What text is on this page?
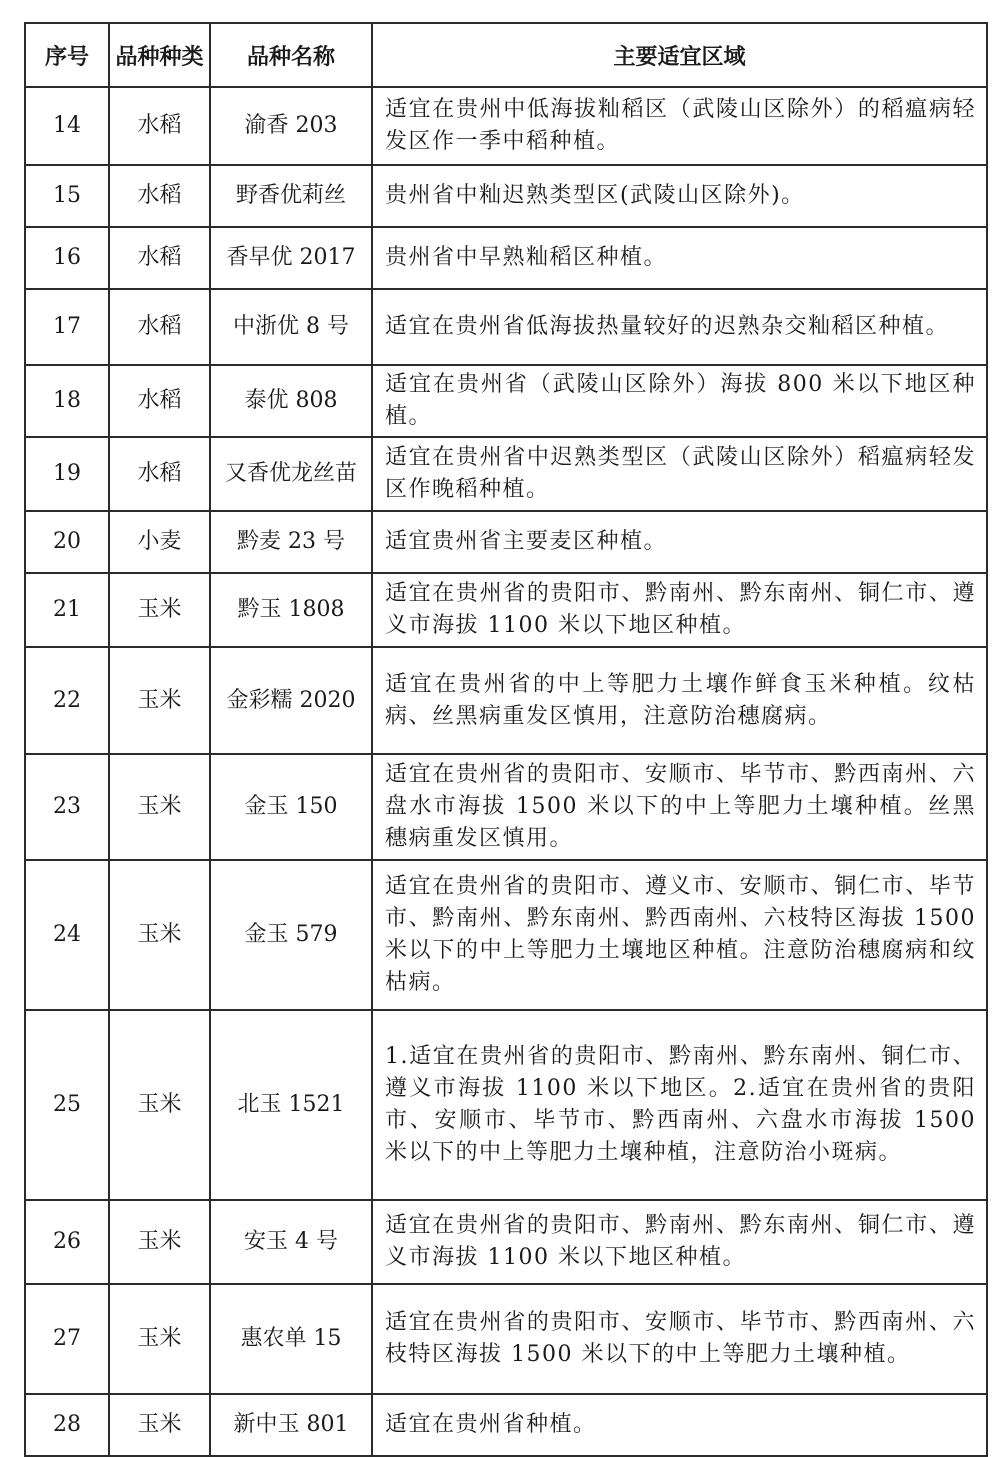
序号	品种种类	品种名称	主要适宜区域
14	水稻	渝香 203	适宜在贵州中低海拔籼稻区（武陵山区除外）的稻瘟病轻发区作一季中稻种植。
15	水稻	野香优莉丝	贵州省中籼迟熟类型区(武陵山区除外)。
16	水稻	香早优 2017	贵州省中早熟籼稻区种植。
17	水稻	中浙优 8 号	适宜在贵州省低海拔热量较好的迟熟杂交籼稻区种植。
18	水稻	泰优 808	适宜在贵州省（武陵山区除外）海拔 800 米以下地区种植。
19	水稻	又香优龙丝苗	适宜在贵州省中迟熟类型区（武陵山区除外）稻瘟病轻发区作晚稻种植。
20	小麦	黔麦 23 号	适宜贵州省主要麦区种植。
21	玉米	黔玉 1808	适宜在贵州省的贵阳市、黔南州、黔东南州、铜仁市、遵义市海拔 1100 米以下地区种植。
22	玉米	金彩糯 2020	适宜在贵州省的中上等肥力土壤作鲜食玉米种植。纹枯病、丝黑病重发区慎用，注意防治穗腐病。
23	玉米	金玉 150	适宜在贵州省的贵阳市、安顺市、毕节市、黔西南州、六盘水市海拔 1500 米以下的中上等肥力土壤种植。丝黑穗病重发区慎用。
24	玉米	金玉 579	适宜在贵州省的贵阳市、遵义市、安顺市、铜仁市、毕节市、黔南州、黔东南州、黔西南州、六枝特区海拔 1500 米以下的中上等肥力土壤地区种植。注意防治穗腐病和纹枯病。
25	玉米	北玉 1521	1.适宜在贵州省的贵阳市、黔南州、黔东南州、铜仁市、遵义市海拔 1100 米以下地区。2.适宜在贵州省的贵阳市、安顺市、毕节市、黔西南州、六盘水市海拔 1500 米以下的中上等肥力土壤种植，注意防治小斑病。
26	玉米	安玉 4 号	适宜在贵州省的贵阳市、黔南州、黔东南州、铜仁市、遵义市海拔 1100 米以下地区种植。
27	玉米	惠农单 15	适宜在贵州省的贵阳市、安顺市、毕节市、黔西南州、六枝特区海拔 1500 米以下的中上等肥力土壤种植。
28	玉米	新中玉 801	适宜在贵州省种植。
